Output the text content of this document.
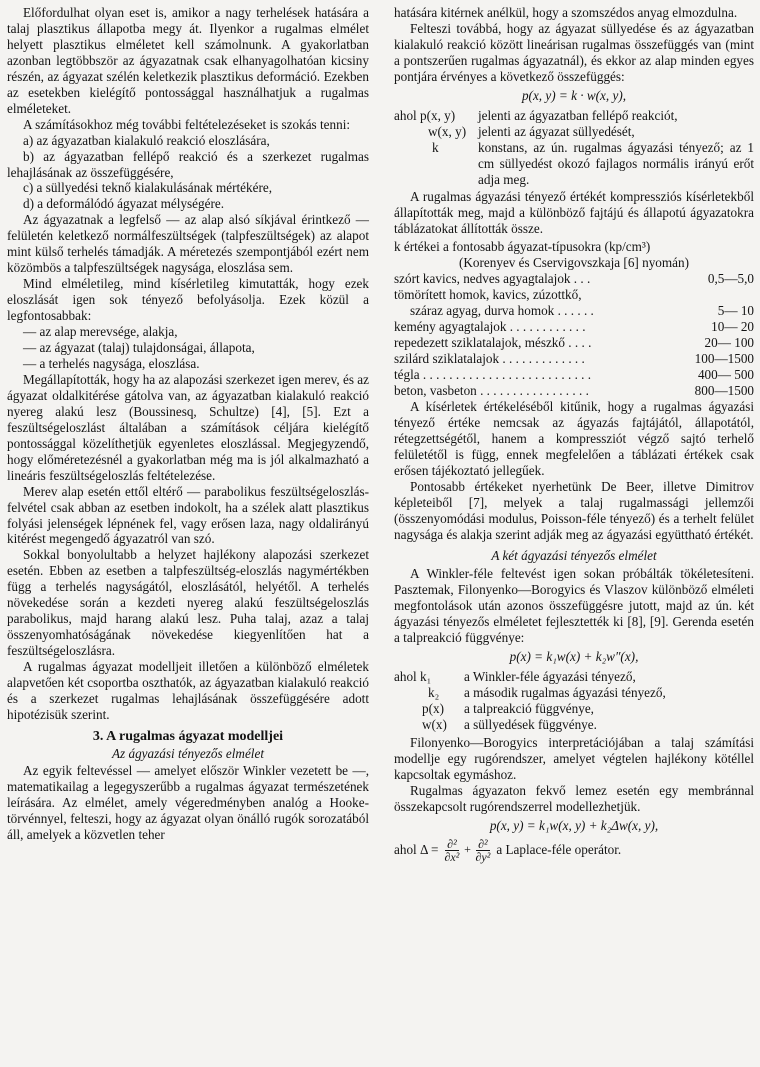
Előfordulhat olyan eset is, amikor a nagy terhelések hatására a talaj plasztikus állapotba megy át. Ilyenkor a rugalmas elmélet helyett plasztikus elméletet kell számolnunk. A gyakorlatban azonban legtöbbször az ágyazatnak csak elhanyagolhatóan kicsiny részén, az ágyazat szélén keletkezik plasztikus deformáció. Ezekben az esetekben kielégítő pontossággal használhatjuk a rugalmas elméleteket.

A számításokhoz még további feltételezéseket is szokás tenni:

a) az ágyazatban kialakuló reakció eloszlására,

b) az ágyazatban fellépő reakció és a szerkezet rugalmas lehajlásának az összefüggésére,

c) a süllyedési teknő kialakulásának mértékére,

d) a deformálódó ágyazat mélységére.

Az ágyazatnak a legfelső — az alap alsó síkjával érintkező — felületén keletkező normálfeszültségek (talpfeszültségek) az alapot mint külső terhelés támadják. A méretezés szempontjából ezért nem közömbös a talpfeszültségek nagysága, eloszlása sem.

Mind elméletileg, mind kísérletileg kimutatták, hogy ezek eloszlását igen sok tényező befolyásolja. Ezek közül a legfontosabbak:

— az alap merevsége, alakja,

— az ágyazat (talaj) tulajdonságai, állapota,

— a terhelés nagysága, eloszlása.

Megállapították, hogy ha az alapozási szerkezet igen merev, és az ágyazat oldalkitérése gátolva van, az ágyazatban kialakuló reakció nyereg alakú lesz (Boussinesq, Schultze) [4], [5]. Ezt a feszültségeloszlást általában a számítások céljára kielégítő pontossággal közelíthetjük egyenletes eloszlással. Megjegyzendő, hogy előméretezésnél a gyakorlatban még ma is jól alkalmazható a lineáris feszültségeloszlás feltételezése.

Merev alap esetén ettől eltérő — parabolikus feszültségeloszlás-felvétel csak abban az esetben indokolt, ha a szélek alatt plasztikus folyási jelenségek lépnének fel, vagy erősen laza, nagy oldalirányú kitérést megengedő ágyazatról van szó.

Sokkal bonyolultabb a helyzet hajlékony alapozási szerkezet esetén. Ebben az esetben a talpfeszültség-eloszlás nagymértékben függ a terhelés nagyságától, eloszlásától, helyétől. A terhelés növekedése során a kezdeti nyereg alakú feszültségeloszlás parabolikus, majd harang alakú lesz. Puha talaj, azaz a talaj összenyomhatóságának növekedése kiegyenlítően hat a feszültségeloszlásra.

A rugalmas ágyazat modelljeit illetően a különböző elméletek alapvetően két csoportba oszthatók, az ágyazatban kialakuló reakció és a szerkezet rugalmas lehajlásának összefüggésére adott hipotézisük szerint.

3. A rugalmas ágyazat modelljei
Az ágyazási tényezős elmélet

Az egyik feltevéssel — amelyet először Winkler vezetett be —, matematikailag a legegyszerűbb a rugalmas ágyazat természetének leírására. Az elmélet, amely végeredményben analóg a Hooke-törvénnyel, felteszi, hogy az ágyazat olyan önálló rugók sorozatából áll, amelyek a közvetlen teher

hatására kitérnek anélkül, hogy a szomszédos anyag elmozdulna.

Felteszi továbbá, hogy az ágyazat süllyedése és az ágyazatban kialakuló reakció között lineárisan rugalmas összefüggés van (mint a pontszerűen rugalmas ágyazatnál), és ekkor az alap minden egyes pontjára érvényes a következő összefüggés:

p(x, y) = k · w(x, y),
ahol p(x, y)	jelenti az ágyazatban fellépő reakciót,
w(x, y) jelenti az ágyazat süllyedését,
k	konstans, az ún. rugalmas ágyazási tényező; az 1 cm süllyedést okozó fajlagos normális irányú erőt adja meg.

A rugalmas ágyazási tényező értékét kompressziós kísérletekből állapították meg, majd a különböző fajtájú és állapotú ágyazatokra táblázatokat állították össze.

k értékei a fontosabb ágyazat-típusokra (kp/cm³)

(Korenyev és Cservigovszkaja [6] nyomán)
szórt kavics, nedves agyagtalajok . . .	0,5—5,0
tömörített homok, kavics, zúzottkő,
száraz agyag, durva homok . . . . . .	5— 10
kemény agyagtalajok . . . . . . . . . . . .	10— 20
repedezett sziklatalajok, mészkő . . . .	20— 100
szilárd sziklatalajok . . . . . . . . . . . . .	100—1500
tégla . . . . . . . . . . . . . . . . . . . . . . . . . .	400— 500
beton, vasbeton . . . . . . . . . . . . . . . . .	800—1500

A kísérletek értékeléséből kitűnik, hogy a rugalmas ágyazási tényező értéke nemcsak az ágyazás fajtájától, állapotától, rétegzettségétől, hanem a kompressziót végző sajtó terhelő felületétől is függ, ennek megfelelően a táblázati értékek csak erősen tájékoztató jellegűek.

Pontosabb értékeket nyerhetünk De Beer, illetve Dimitrov képleteiből [7], melyek a talaj rugalmassági jellemzői (összenyomódási modulus, Poisson-féle tényező) és a terhelt felület nagysága és alakja szerint adják meg az ágyazási együttható értékét.

A két ágyazási tényezős elmélet

A Winkler-féle feltevést igen sokan próbálták tökéletesíteni. Pasztemak, Filonyenko—Borogyics és Vlaszov különböző elméleti megfontolások után azonos összefüggésre jutott, majd az ún. két ágyazási tényezős elméletet fejlesztették ki [8], [9]. Gerenda esetén a talpreakció függvénye:

p(x) = k₁w(x) + k₂w″(x),
ahol k₁	a Winkler-féle ágyazási tényező,
k₂	a második rugalmas ágyazási tényező,
p(x)	a talpreakció függvénye,
w(x)	a süllyedések függvénye.

Filonyenko—Borogyics interpretációjában a talaj számítási modellje egy rugórendszer, amelyet végtelen hajlékony kötéllel kapcsoltak egymáshoz.

Rugalmas ágyazaton fekvő lemez esetén egy membránnal összekapcsolt rugórendszerrel modellezhetjük.

p(x, y) = k₁w(x, y) + k₂Δw(x, y),
ahol Δ = ∂²
∂x²
+ ∂²
∂y² a Laplace-féle operátor.
